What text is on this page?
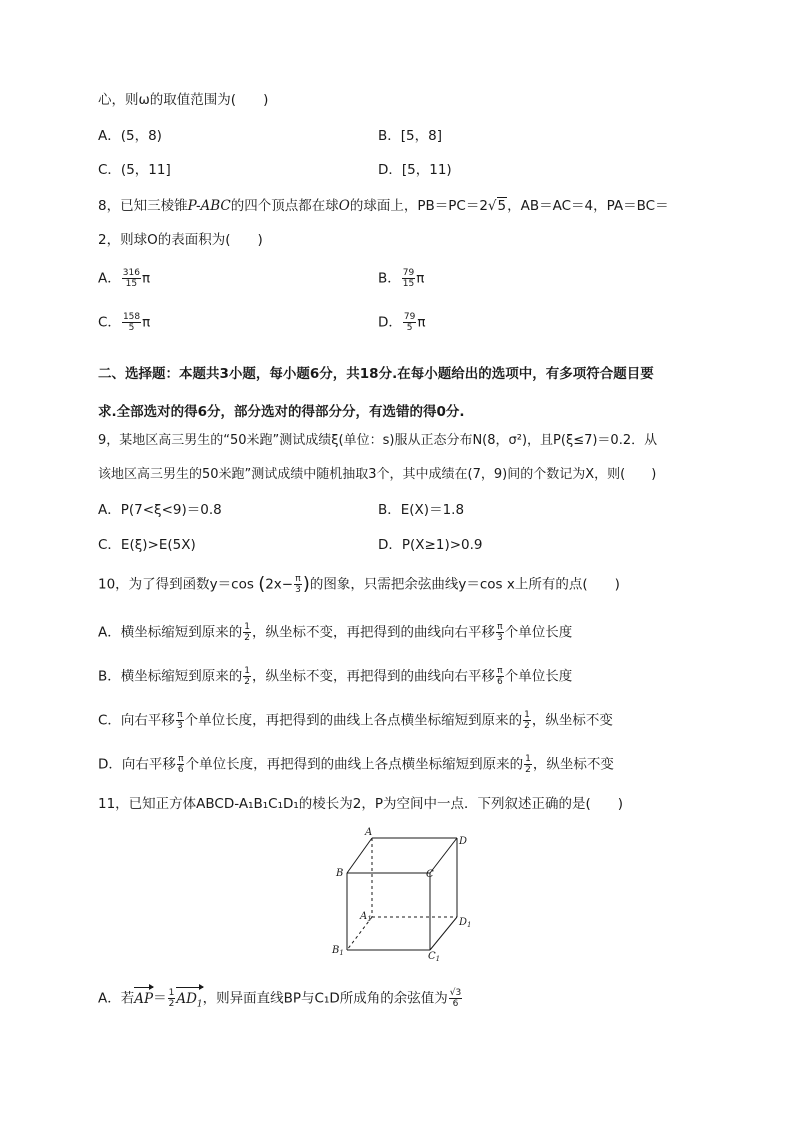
心，则ω的取值范围为(　　)
A．(5，8)	B．[5，8]
C．(5，11]	D．[5，11)
8，已知三棱锥P-ABC的四个顶点都在球O的球面上，PB＝PC＝2√5，AB＝AC＝4，PA＝BC＝
2，则球O的表面积为(　　)
A． $\frac{316}{15}$ π	B． $\frac{79}{15}$ π
C． $\frac{158}{5}$ π	D． $\frac{79}{5}$ π
二、选择题：本题共3小题，每小题6分，共18分.在每小题给出的选项中，有多项符合题目要
求.全部选对的得6分，部分选对的得部分分，有选错的得0分.
9，某地区高三男生的“50米跑”测试成绩ξ(单位：s)服从正态分布N(8，σ²)，且P(ξ≤7)＝0.2．从
该地区高三男生的50米跑”测试成绩中随机抽取3个，其中成绩在(7，9)间的个数记为X，则(　　)
A．P(7<ξ<9)＝0.8	B．E(X)＝1.8
C．E(ξ)>E(5X)	D．P(X≥1)>0.9
10，为了得到函数y＝cos ($2x- \frac{\pi}{3}$ )的图象，只需把余弦曲线y＝cos x上所有的点(　　)
A．横坐标缩短到原来的 $\frac{1}{2}$ ，纵坐标不变，再把得到的曲线向右平移 $\frac{\pi}{3}$ 个单位长度
B．横坐标缩短到原来的 $\frac{1}{2}$ ，纵坐标不变，再把得到的曲线向右平移 $\frac{\pi}{6}$ 个单位长度
C．向右平移 $\frac{\pi}{3}$ 个单位长度，再把得到的曲线上各点横坐标缩短到原来的 $\frac{1}{2}$ ，纵坐标不变
D．向右平移 $\frac{\pi}{6}$ 个单位长度，再把得到的曲线上各点横坐标缩短到原来的 $\frac{1}{2}$ ，纵坐标不变
11，已知正方体ABCD-A₁B₁C₁D₁的棱长为2，P为空间中一点．下列叙述正确的是(　　)
A
D
B	C
$A_1$	$D_1$
$B_1$	$C_1$
A．若$AP= \frac{1}{2} AD_1$，则异面直线BP与C₁D所成角的余弦值为 $\frac{√3}{6}$
